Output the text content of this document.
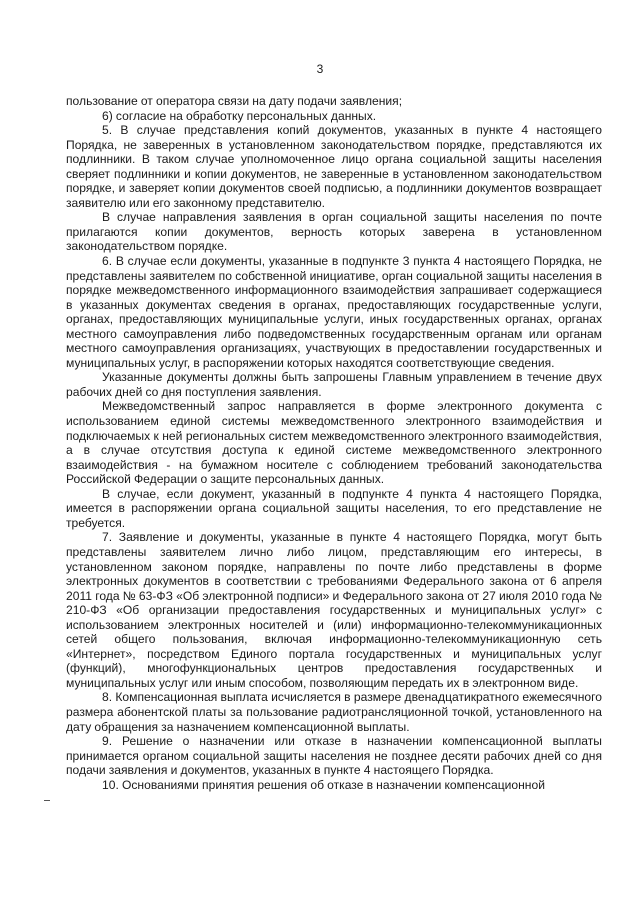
3

пользование от оператора связи на дату подачи заявления;

6) согласие на обработку персональных данных.

5. В случае представления копий документов, указанных в пункте 4 настоящего Порядка, не заверенных в установленном законодательством порядке, представляются их подлинники. В таком случае уполномоченное лицо органа социальной защиты населения сверяет подлинники и копии документов, не заверенные в установленном законодательством порядке, и заверяет копии документов своей подписью, а подлинники документов возвращает заявителю или его законному представителю.

В случае направления заявления в орган социальной защиты населения по почте прилагаются копии документов, верность которых заверена в установленном законодательством порядке.

6. В случае если документы, указанные в подпункте 3 пункта 4 настоящего Порядка, не представлены заявителем по собственной инициативе, орган социальной защиты населения в порядке межведомственного информационного взаимодействия запрашивает содержащиеся в указанных документах сведения в органах, предоставляющих государственные услуги, органах, предоставляющих муниципальные услуги, иных государственных органах, органах местного самоуправления либо подведомственных государственным органам или органам местного самоуправления организациях, участвующих в предоставлении государственных и муниципальных услуг, в распоряжении которых находятся соответствующие сведения.

Указанные документы должны быть запрошены Главным управлением в течение двух рабочих дней со дня поступления заявления.

Межведомственный запрос направляется в форме электронного документа с использованием единой системы межведомственного электронного взаимодействия и подключаемых к ней региональных систем межведомственного электронного взаимодействия, а в случае отсутствия доступа к единой системе межведомственного электронного взаимодействия - на бумажном носителе с соблюдением требований законодательства Российской Федерации о защите персональных данных.

В случае, если документ, указанный в подпункте 4 пункта 4 настоящего Порядка, имеется в распоряжении органа социальной защиты населения, то его представление не требуется.

7. Заявление и документы, указанные в пункте 4 настоящего Порядка, могут быть представлены заявителем лично либо лицом, представляющим его интересы, в установленном законом порядке, направлены по почте либо представлены в форме электронных документов в соответствии с требованиями Федерального закона от 6 апреля 2011 года № 63-ФЗ «Об электронной подписи» и Федерального закона от 27 июля 2010 года № 210-ФЗ «Об организации предоставления государственных и муниципальных услуг» с использованием электронных носителей и (или) информационно-телекоммуникационных сетей общего пользования, включая информационно-телекоммуникационную сеть «Интернет», посредством Единого портала государственных и муниципальных услуг (функций), многофункциональных центров предоставления государственных и муниципальных услуг или иным способом, позволяющим передать их в электронном виде.

8. Компенсационная выплата исчисляется в размере двенадцатикратного ежемесячного размера абонентской платы за пользование радиотрансляционной точкой, установленного на дату обращения за назначением компенсационной выплаты.

9. Решение о назначении или отказе в назначении компенсационной выплаты принимается органом социальной защиты населения не позднее десяти рабочих дней со дня подачи заявления и документов, указанных в пункте 4 настоящего Порядка.

10. Основаниями принятия решения об отказе в назначении компенсационной
